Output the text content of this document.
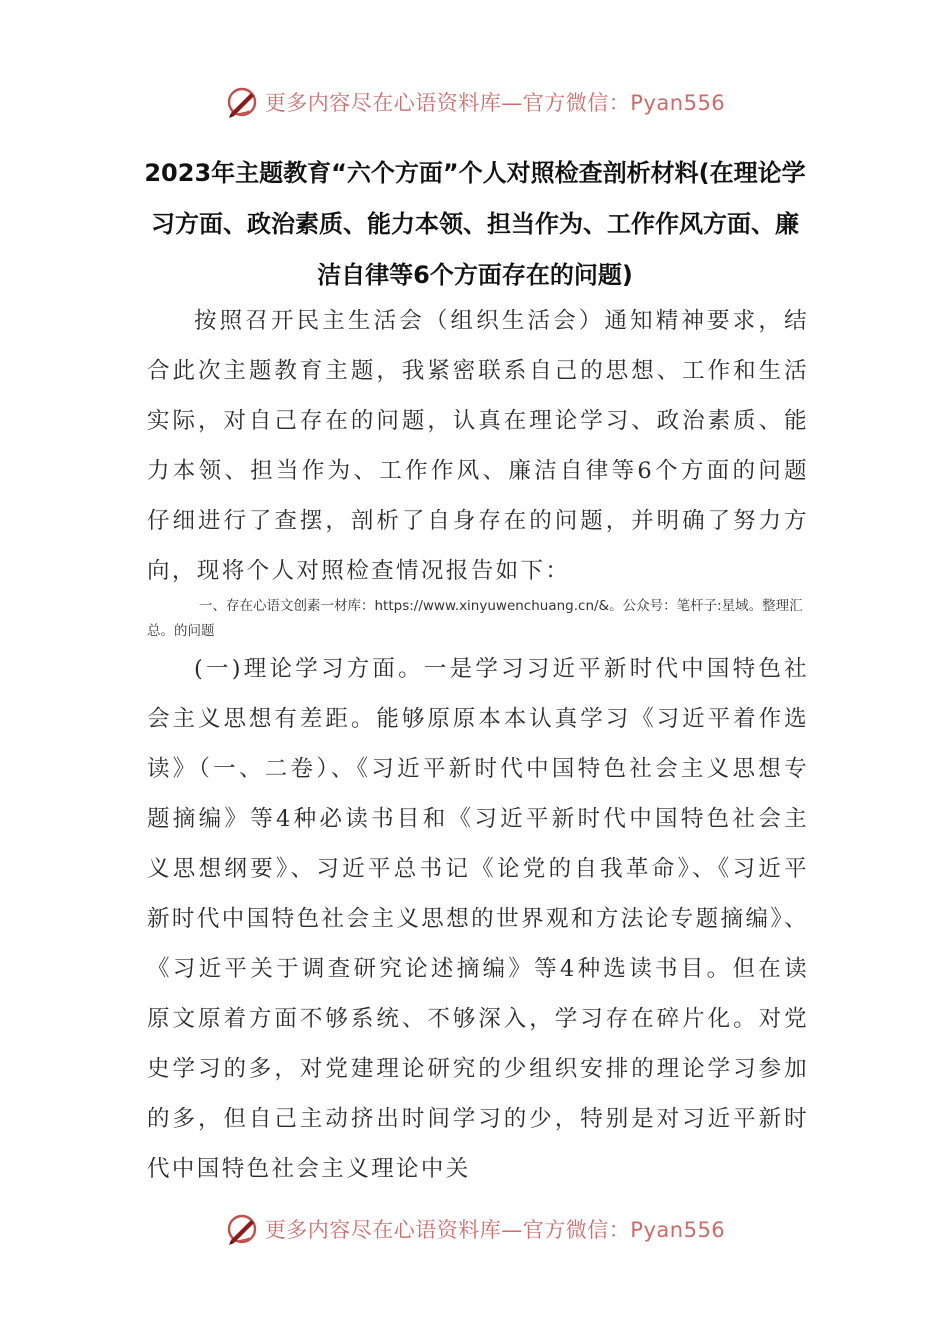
更多内容尽在心语资料库—官方微信：Pyan556
2023年主题教育“六个方面”个人对照检查剖析材料(在理论学习方面、政治素质、能力本领、担当作为、工作作风方面、廉洁自律等6个方面存在的问题)
按照召开民主生活会（组织生活会）通知精神要求，结合此次主题教育主题，我紧密联系自己的思想、工作和生活实际，对自己存在的问题，认真在理论学习、政治素质、能力本领、担当作为、工作作风、廉洁自律等6个方面的问题仔细进行了查摆，剖析了自身存在的问题，并明确了努力方向，现将个人对照检查情况报告如下：
一、存在心语文创素一材库：https://www.xinyuwenchuang.cn/&。公众号：笔杆子:星域。整理汇总。的问题
(一)理论学习方面。一是学习习近平新时代中国特色社会主义思想有差距。能够原原本本认真学习《习近平着作选读》（一、二卷）、《习近平新时代中国特色社会主义思想专题摘编》等4种必读书目和《习近平新时代中国特色社会主义思想纲要》、习近平总书记《论党的自我革命》、《习近平新时代中国特色社会主义思想的世界观和方法论专题摘编》、《习近平关于调查研究论述摘编》等4种选读书目。但在读原文原着方面不够系统、不够深入，学习存在碎片化。对党史学习的多，对党建理论研究的少组织安排的理论学习参加的多，但自己主动挤出时间学习的少，特别是对习近平新时代中国特色社会主义理论中关
更多内容尽在心语资料库—官方微信：Pyan556
